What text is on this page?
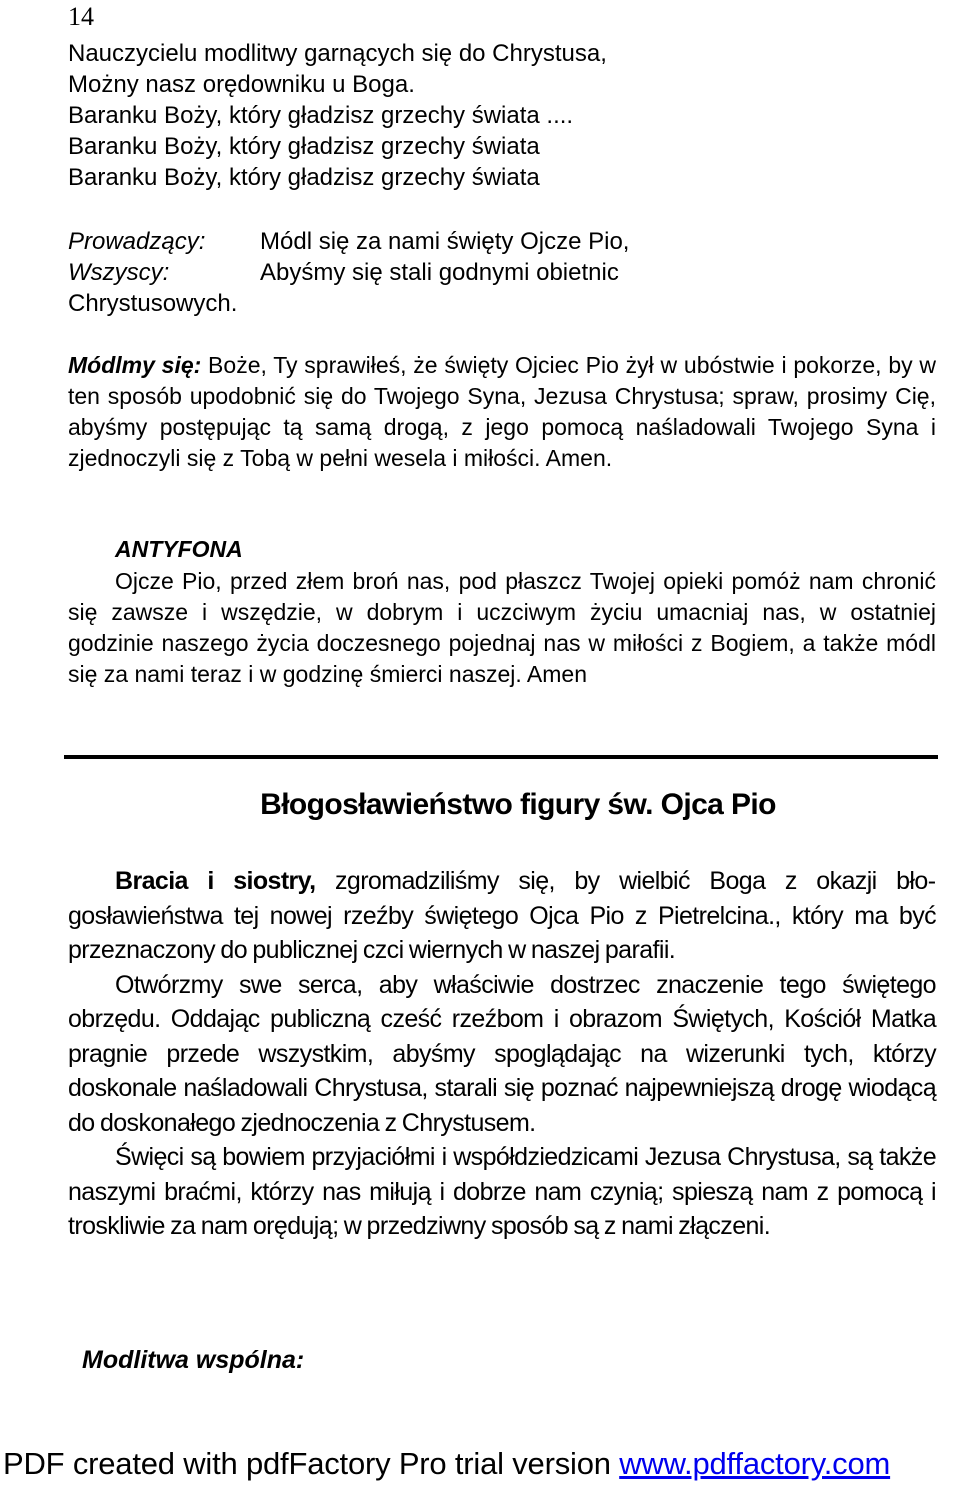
14
Nauczycielu modlitwy garnących się do Chrystusa,
Możny nasz orędowniku u Boga.
Baranku Boży, który gładzisz grzechy świata ....
Baranku Boży, który gładzisz grzechy świata
Baranku Boży, który gładzisz grzechy świata
Prowadzący:	Módl się za nami święty Ojcze Pio,
Wszyscy:	Abyśmy się stali godnymi obietnic
Chrystusowych.

Módlmy się: Boże, Ty sprawiłeś, że święty Ojciec Pio żył w ubóstwie i pokorze, by w ten sposób upodobnić się do Twojego Syna, Jezusa Chrystusa; spraw, prosimy Cię, abyśmy postępując tą samą drogą, z jego pomocą naśladowali Twojego Syna i zjednoczyli się z Tobą w pełni wesela i miłości. Amen.

ANTYFONA

Ojcze Pio, przed złem broń nas, pod płaszcz Twojej opieki pomóż nam chronić się zawsze i wszędzie, w dobrym i uczciwym życiu umacniaj nas, w ostatniej godzinie naszego życia doczesnego pojednaj nas w miłości z Bogiem, a także módl się za nami teraz i w godzinę śmierci naszej. Amen

Błogosławieństwo figury św. Ojca Pio

Bracia i siostry, zgromadziliśmy się, by wielbić Boga z okazji błogosławieństwa tej nowej rzeźby świętego Ojca Pio z Pietrelcina., który ma być przeznaczony do publicznej czci wiernych w naszej parafii.

Otwórzmy swe serca, aby właściwie dostrzec znaczenie tego świętego obrzędu. Oddając publiczną cześć rzeźbom i obrazom Świętych, Kościół Matka pragnie przede wszystkim, abyśmy spoglądając na wizerunki tych, którzy doskonale naśladowali Chrystusa, starali się poznać najpewniejszą drogę wiodącą do doskonałego zjednoczenia z Chrystusem.

Święci są bowiem przyjaciółmi i współdziedzicami Jezusa Chrystusa, są także naszymi braćmi, którzy nas miłują i dobrze nam czynią; spieszą nam z pomocą i troskliwie za nam orędują; w przedziwny sposób są z nami złączeni.

Modlitwa wspólna:
PDF created with pdfFactory Pro trial version www.pdffactory.com
